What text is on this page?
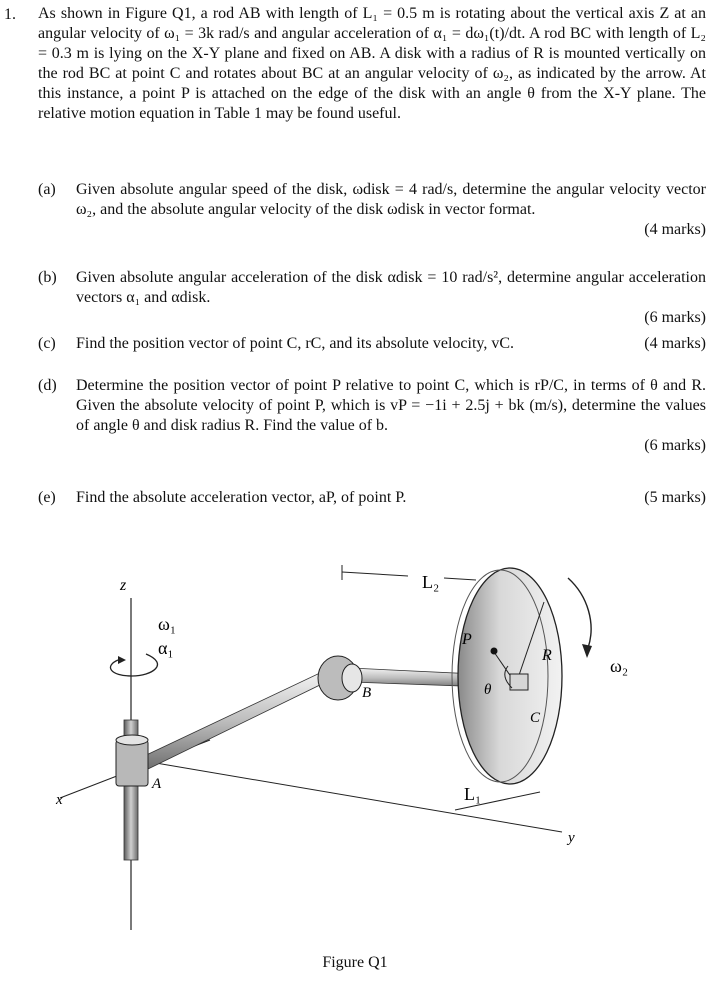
1. As shown in Figure Q1, a rod AB with length of L₁ = 0.5 m is rotating about the vertical axis Z at an angular velocity of ω₁ = 3k rad/s and angular acceleration of α₁ = dω₁(t)/dt. A rod BC with length of L₂ = 0.3 m is lying on the X-Y plane and fixed on AB. A disk with a radius of R is mounted vertically on the rod BC at point C and rotates about BC at an angular velocity of ω₂, as indicated by the arrow. At this instance, a point P is attached on the edge of the disk with an angle θ from the X-Y plane. The relative motion equation in Table 1 may be found useful.
(a) Given absolute angular speed of the disk, ωdisk = 4 rad/s, determine the angular velocity vector ω₂, and the absolute angular velocity of the disk ωdisk in vector format.
(4 marks)
(b) Given absolute angular acceleration of the disk αdisk = 10 rad/s², determine angular acceleration vectors α₁ and αdisk.
(6 marks)
(c)	(4 marks)
Find the position vector of point C, rC, and its absolute velocity, vC.
(d) Determine the position vector of point P relative to point C, which is rP/C, in terms of θ and R. Given the absolute velocity of point P, which is vP = −1i + 2.5j + bk (m/s), determine the values of angle θ and disk radius R. Find the value of b.
(6 marks)
(e)	(5 marks)
Find the absolute acceleration vector, aP, of point P.
z
ω₁
α₁
A
x
B
L₂
P
R
θ
C
L₁
ω₂
y
Figure Q1
